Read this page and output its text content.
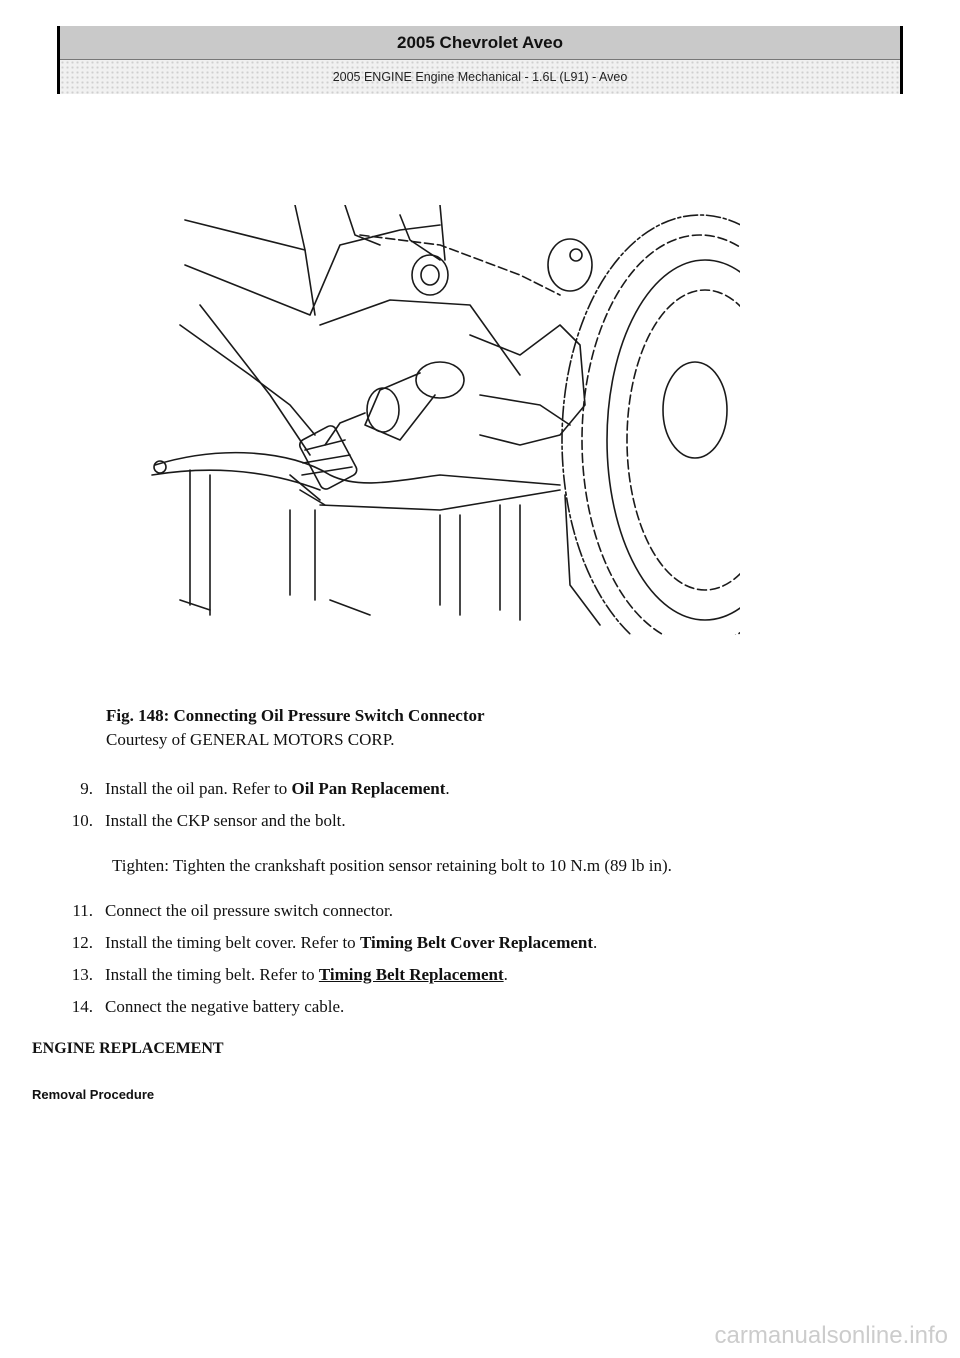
2005 Chevrolet Aveo
2005 ENGINE Engine Mechanical - 1.6L (L91) - Aveo
Fig. 148: Connecting Oil Pressure Switch Connector
Courtesy of GENERAL MOTORS CORP.
9. Install the oil pan. Refer to Oil Pan Replacement.
10. Install the CKP sensor and the bolt.
Tighten: Tighten the crankshaft position sensor retaining bolt to 10 N.m (89 lb in).
11. Connect the oil pressure switch connector.
12. Install the timing belt cover. Refer to Timing Belt Cover Replacement.
13. Install the timing belt. Refer to Timing Belt Replacement.
14. Connect the negative battery cable.
ENGINE REPLACEMENT
Removal Procedure
carmanualsonline.info
